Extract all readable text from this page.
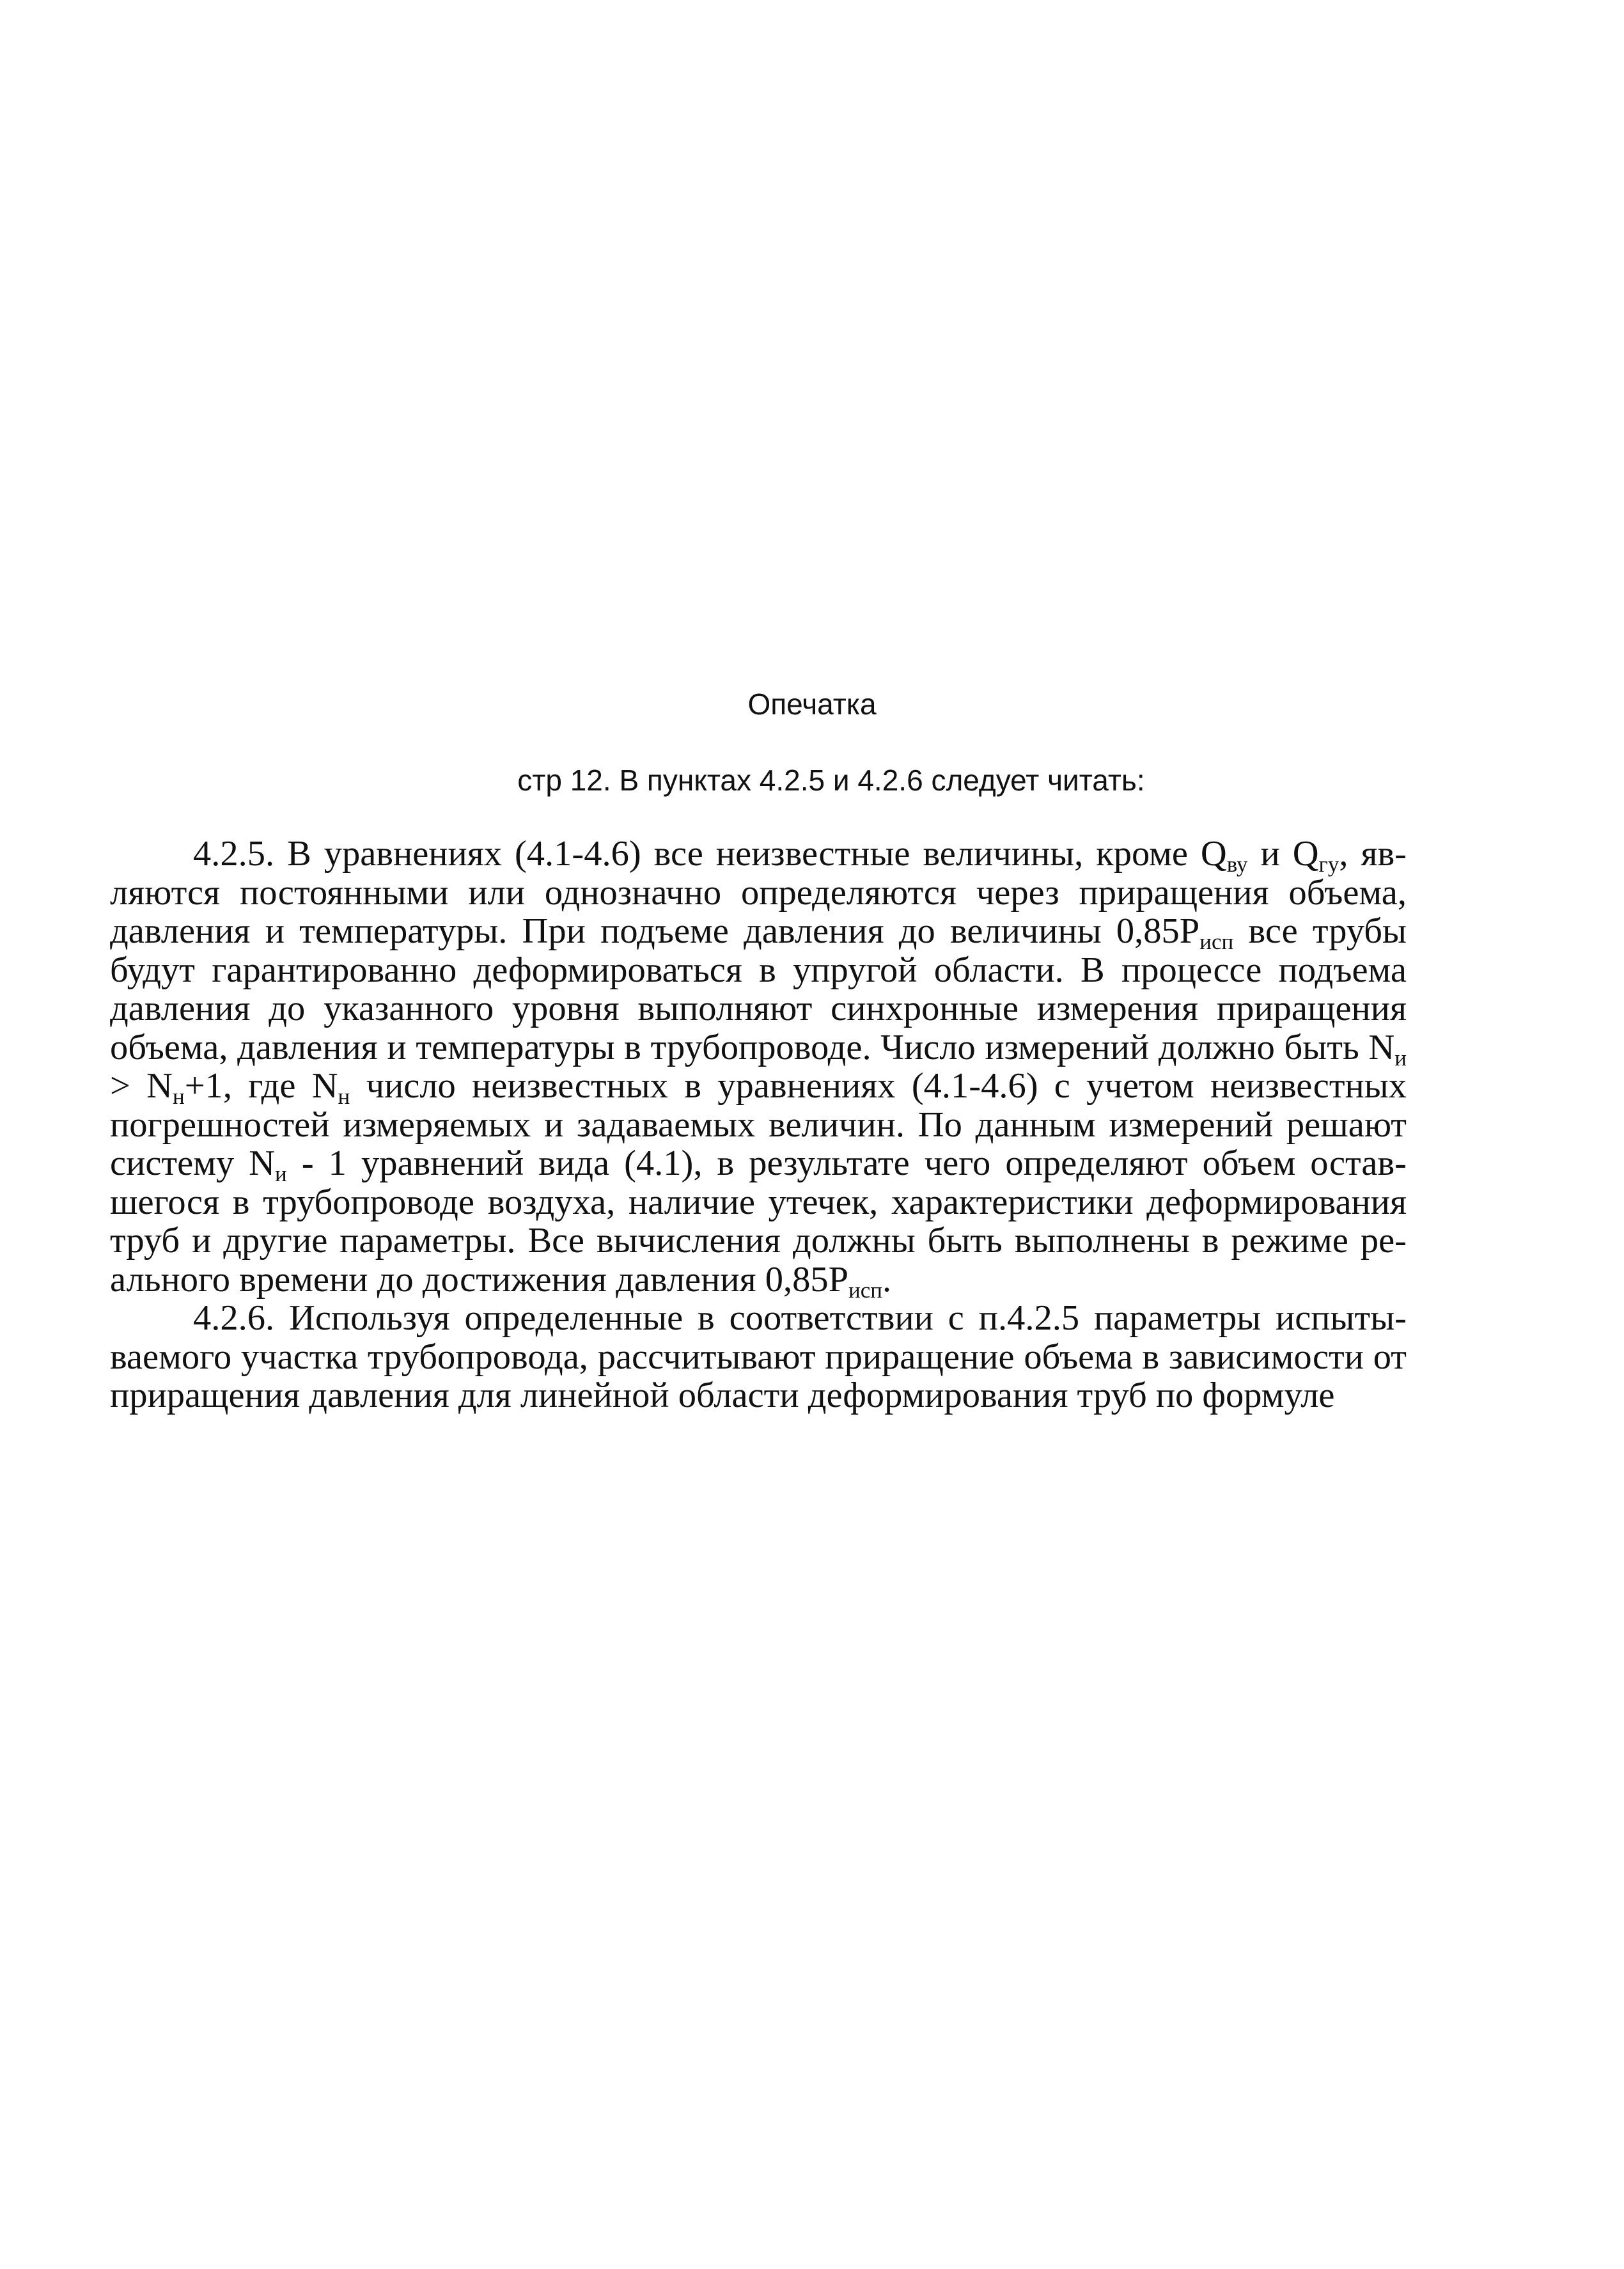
Опечатка
стр 12. В пунктах 4.2.5 и 4.2.6 следует читать:

4.2.5. В уравнениях (4.1-4.6) все неизвестные величины, кроме $Q_{ву}$ и $Q_{гу}$, являются постоянными или однозначно определяются через приращения объема, давления и температуры. При подъеме давления до величины $0,85Р_{исп}$ все трубы будут гарантированно деформироваться в упругой области. В процессе подъема давления до указанного уровня выполняют синхронные измерения приращения объема, давления и температуры в трубопроводе. Число измерений должно быть $N_и > N_н+1$, где $N_н$ число неизвестных в уравнениях (4.1-4.6) с учетом неизвестных погрешностей измеряемых и задаваемых величин. По данным измерений решают систему $N_и - 1$ уравнений вида (4.1), в результате чего определяют объем оставшегося в трубопроводе воздуха, наличие утечек, характеристики деформирования труб и другие параметры. Все вычисления должны быть выполнены в режиме реального времени до достижения давления $0,85Р_{исп}$.

4.2.6. Используя определенные в соответствии с п.4.2.5 параметры испытываемого участка трубопровода, рассчитывают приращение объема в зависимости от приращения давления для линейной области деформирования труб по формуле
